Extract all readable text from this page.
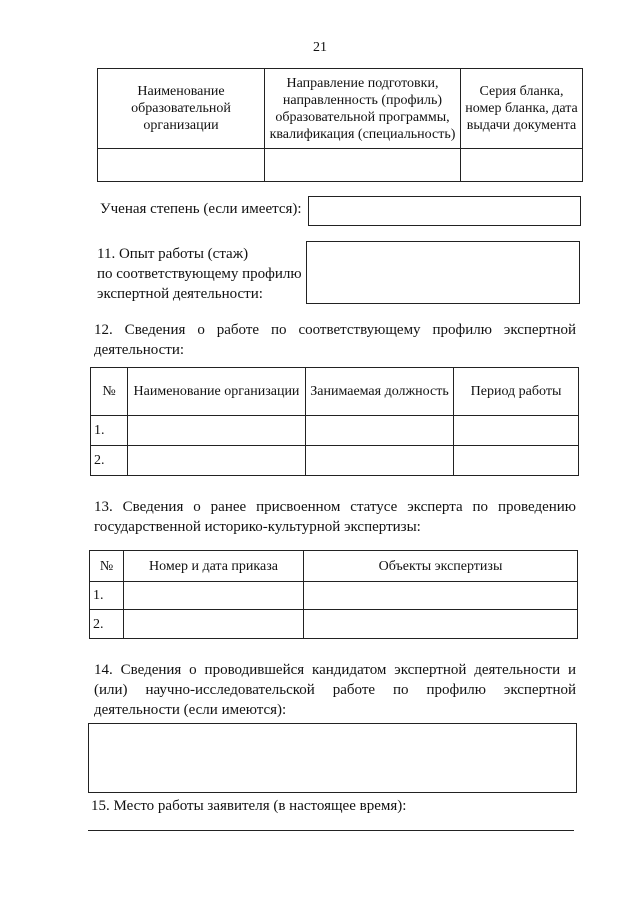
21
Наименование образовательной организации	Направление подготовки, направленность (профиль) образовательной программы, квалификация (специальность)	Серия бланка, номер бланка, дата выдачи документа

Ученая степень (если имеется):
11. Опыт работы (стаж)
по соответствующему профилю
экспертной деятельности:
12. Сведения о работе по соответствующему профилю экспертной
деятельности:
№	Наименование организации	Занимаемая должность	Период работы
1.			
2.			
13. Сведения о ранее присвоенном статусе эксперта по проведению
государственной историко-культурной экспертизы:
№	Номер и дата приказа	Объекты экспертизы
1.		
2.		
14. Сведения о проводившейся кандидатом экспертной деятельности и
(или) научно-исследовательской работе по профилю экспертной
деятельности (если имеются):
15. Место работы заявителя (в настоящее время):
